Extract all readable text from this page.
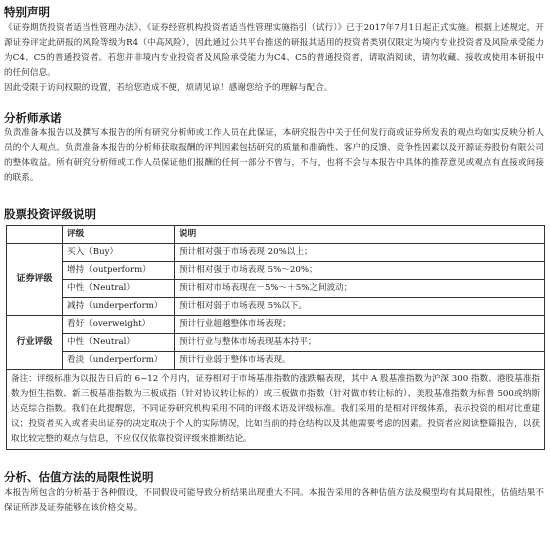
特别声明

《证券期货投资者适当性管理办法》、《证券经营机构投资者适当性管理实施指引（试行）》已于2017年7月1日起正式实施。根据上述规定，开源证券评定此研报的风险等级为R4（中高风险），因此通过公共平台推送的研报其适用的投资者类别仅限定为境内专业投资者及风险承受能力为C4、C5的普通投资者。若您并非境内专业投资者及风险承受能力为C4、C5的普通投资者，请取消阅读，请勿收藏、接收或使用本研报中的任何信息。

因此受限于访问权限的设置，若给您造成不便，烦请见谅！感谢您给予的理解与配合。

分析师承诺

负责准备本报告以及撰写本报告的所有研究分析师或工作人员在此保证，本研究报告中关于任何发行商或证券所发表的观点均如实反映分析人员的个人观点。负责准备本报告的分析师获取报酬的评判因素包括研究的质量和准确性、客户的反馈、竞争性因素以及开源证券股份有限公司的整体收益。所有研究分析师或工作人员保证他们报酬的任何一部分不曾与，不与，也将不会与本报告中具体的推荐意见或观点有直接或间接的联系。

股票投资评级说明
	评级	说明
证券评级	买入（Buy）	预计相对强于市场表现 20%以上；
	增持（outperform）	预计相对强于市场表现 5%～20%；
	中性（Neutral）	预计相对市场表现在－5%～＋5%之间波动；
	减持（underperform）	预计相对弱于市场表现 5%以下。
行业评级	看好（overweight）	预计行业超越整体市场表现；
	中性（Neutral）	预计行业与整体市场表现基本持平；
	看淡（underperform）	预计行业弱于整体市场表现。
备注：评级标准为以报告日后的 6~12 个月内，证券相对于市场基准指数的涨跌幅表现，其中 A 股基准指数为沪深 300 指数、港股基准指数为恒生指数、新三板基准指数为三板成指（针对协议转让标的）或三板做市指数（针对做市转让标的）、美股基准指数为标普 500或纳斯达克综合指数。我们在此提醒您，不同证券研究机构采用不同的评级术语及评级标准。我们采用的是相对评级体系，表示投资的相对比重建议；投资者买入或者卖出证券的决定取决于个人的实际情况，比如当前的持仓结构以及其他需要考虑的因素。投资者应阅读整篇报告，以获取比较完整的观点与信息，不应仅仅依靠投资评级来推断结论。		
分析、估值方法的局限性说明

本报告所包含的分析基于各种假设，不同假设可能导致分析结果出现重大不同。本报告采用的各种估值方法及模型均有其局限性，估值结果不保证所涉及证券能够在该价格交易。
